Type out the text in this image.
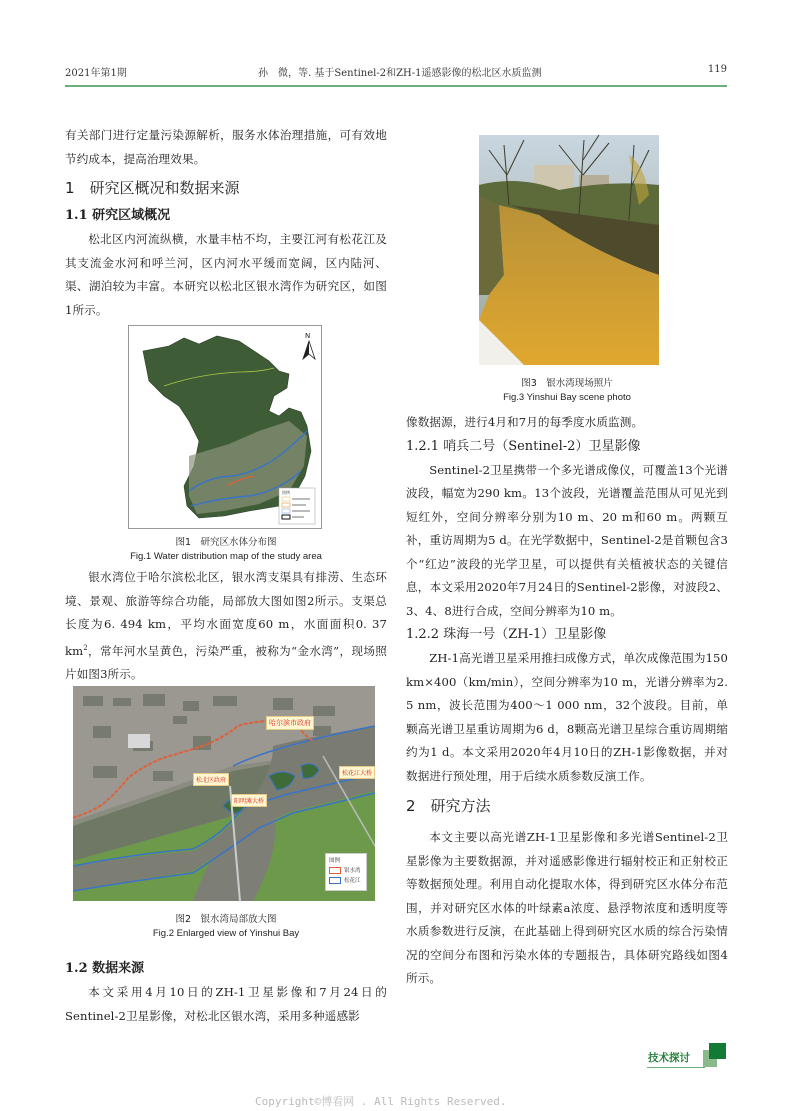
2021年第1期	孙　微，等. 基于Sentinel-2和ZH-1遥感影像的松北区水质监测	119

有关部门进行定量污染源解析，服务水体治理措施，可有效地节约成本，提高治理效果。

1　研究区概况和数据来源
1.1 研究区域概况

松北区内河流纵横，水量丰枯不均，主要江河有松花江及其支流金水河和呼兰河，区内河水平缓而宽阔，区内陆河、渠、湖泊较为丰富。本研究以松北区银水湾作为研究区，如图1所示。

N
图例
图1　研究区水体分布图
Fig.1 Water distribution map of the study area

银水湾位于哈尔滨松北区，银水湾支渠具有排涝、生态环境、景观、旅游等综合功能，局部放大图如图2所示。支渠总长度为6. 494 km，平均水面宽度60 m，水面面积0. 37 $km^2$，常年河水呈黄色，污染严重，被称为“金水湾”，现场照片如图3所示。

哈尔滨市政府
松北区政府
阳明滩大桥
松花江大桥
图例
银水湾
松花江
图2　银水湾局部放大图
Fig.2 Enlarged view of Yinshui Bay
1.2 数据来源

本文采用4月10日的ZH-1卫星影像和7月24日的Sentinel-2卫星影像，对松北区银水湾，采用多种遥感影

图3　银水湾现场照片
Fig.3 Yinshui Bay scene photo

像数据源，进行4月和7月的每季度水质监测。

1.2.1 哨兵二号（Sentinel-2）卫星影像

Sentinel-2卫星携带一个多光谱成像仪，可覆盖13个光谱波段，幅宽为290 km。13个波段，光谱覆盖范围从可见光到短红外，空间分辨率分别为10 m、20 m和60 m。两颗互补，重访周期为5 d。在光学数据中，Sentinel-2是首颗包含3个“红边”波段的光学卫星，可以提供有关植被状态的关键信息，本文采用2020年7月24日的Sentinel-2影像，对波段2、3、4、8进行合成，空间分辨率为10 m。

1.2.2 珠海一号（ZH-1）卫星影像

ZH-1高光谱卫星采用推扫成像方式，单次成像范围为150 km×400（km/min），空间分辨率为10 m，光谱分辨率为2. 5 nm，波长范围为400～1 000 nm，32个波段。目前，单颗高光谱卫星重访周期为6 d，8颗高光谱卫星综合重访周期缩约为1 d。本文采用2020年4月10日的ZH-1影像数据，并对数据进行预处理，用于后续水质参数反演工作。

2　研究方法

本文主要以高光谱ZH-1卫星影像和多光谱Sentinel-2卫星影像为主要数据源，并对遥感影像进行辐射校正和正射校正等数据预处理。利用自动化提取水体，得到研究区水体分布范围，并对研究区水体的叶绿素a浓度、悬浮物浓度和透明度等水质参数进行反演，在此基础上得到研究区水质的综合污染情况的空间分布图和污染水体的专题报告，具体研究路线如图4所示。

技术探讨
Copyright©博看网 . All Rights Reserved.
